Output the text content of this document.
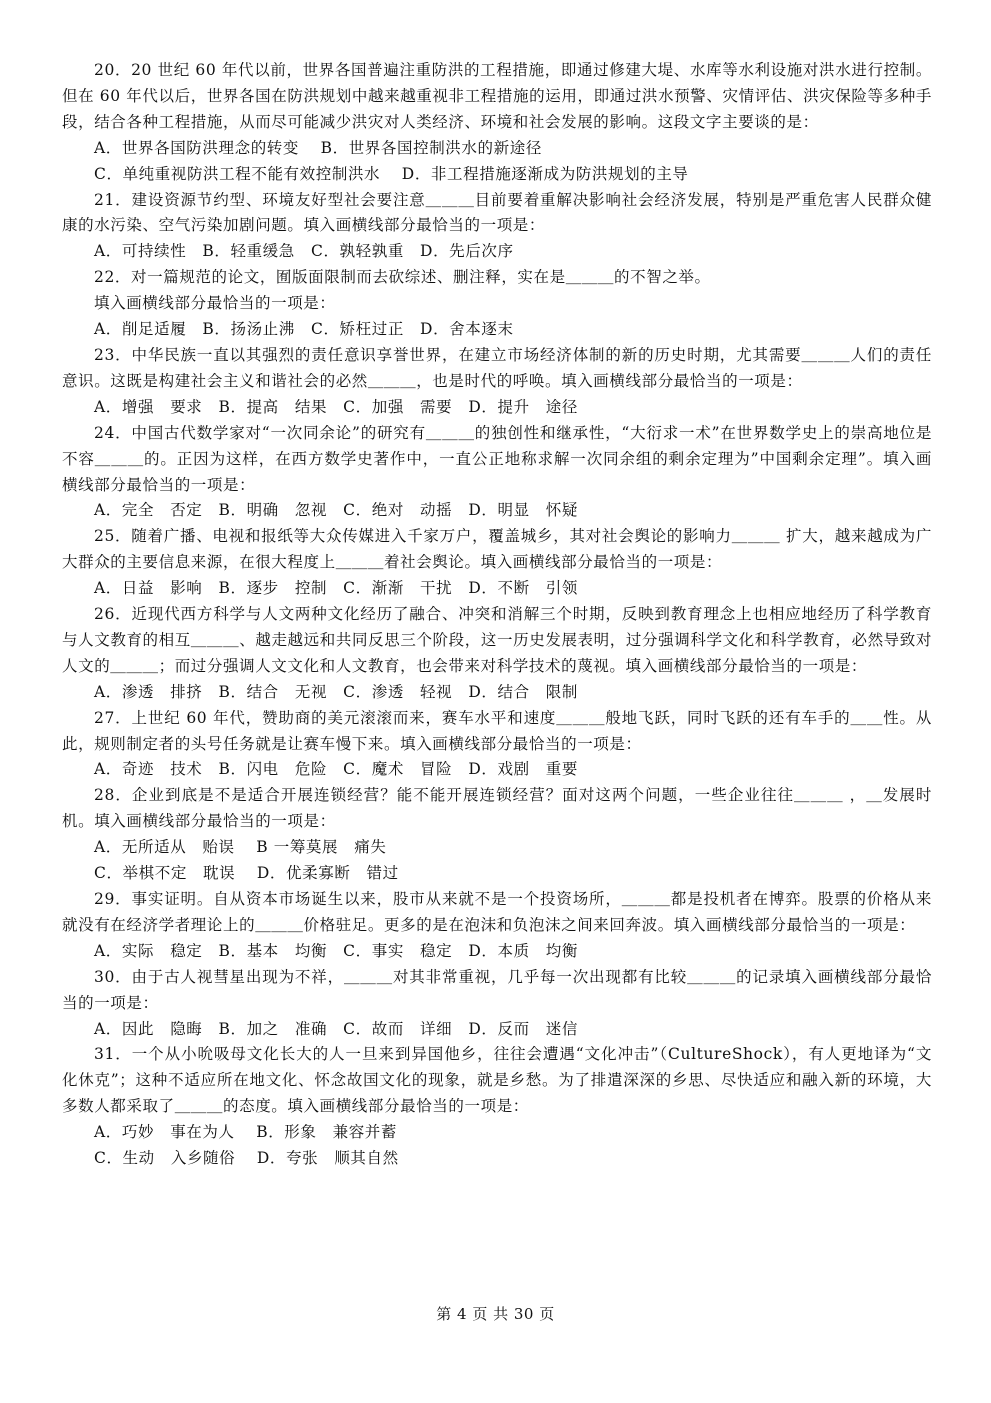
20．20 世纪 60 年代以前，世界各国普遍注重防洪的工程措施，即通过修建大堤、水库等水利设施对洪水进行控制。但在 60 年代以后，世界各国在防洪规划中越来越重视非工程措施的运用，即通过洪水预警、灾情评估、洪灾保险等多种手段，结合各种工程措施，从而尽可能减少洪灾对人类经济、环境和社会发展的影响。这段文字主要谈的是：

A．世界各国防洪理念的转变　 B．世界各国控制洪水的新途径

C．单纯重视防洪工程不能有效控制洪水　 D．非工程措施逐渐成为防洪规划的主导

21．建设资源节约型、环境友好型社会要注意＿＿＿目前要着重解决影响社会经济发展，特别是严重危害人民群众健康的水污染、空气污染加剧问题。填入画横线部分最恰当的一项是：

A．可持续性　B．轻重缓急　C．孰轻孰重　D．先后次序

22．对一篇规范的论文，囿版面限制而去砍综述、删注释，实在是＿＿＿的不智之举。

填入画横线部分最恰当的一项是：

A．削足适履　B．扬汤止沸　C．矫枉过正　D．舍本逐末

23．中华民族一直以其强烈的责任意识享誉世界，在建立市场经济体制的新的历史时期，尤其需要＿＿＿人们的责任意识。这既是构建社会主义和谐社会的必然＿＿＿，也是时代的呼唤。填入画横线部分最恰当的一项是：

A．增强　要求　B．提高　结果　C．加强　需要　D．提升　途径

24．中国古代数学家对“一次同余论”的研究有＿＿＿的独创性和继承性，“大衍求一术”在世界数学史上的崇高地位是不容＿＿＿的。正因为这样，在西方数学史著作中，一直公正地称求解一次同余组的剩余定理为”中国剩余定理”。填入画横线部分最恰当的一项是：

A．完全　否定　B．明确　忽视　C．绝对　动摇　D．明显　怀疑

25．随着广播、电视和报纸等大众传媒进入千家万户，覆盖城乡，其对社会舆论的影响力＿＿＿ 扩大，越来越成为广大群众的主要信息来源，在很大程度上＿＿＿着社会舆论。填入画横线部分最恰当的一项是：

A．日益　影响　B．逐步　控制　C．渐渐　干扰　D．不断　引领

26．近现代西方科学与人文两种文化经历了融合、冲突和消解三个时期，反映到教育理念上也相应地经历了科学教育与人文教育的相互＿＿＿、越走越远和共同反思三个阶段，这一历史发展表明，过分强调科学文化和科学教育，必然导致对人文的＿＿＿；而过分强调人文文化和人文教育，也会带来对科学技术的蔑视。填入画横线部分最恰当的一项是：

A．渗透　排挤　B．结合　无视　C．渗透　轻视　D．结合　限制

27．上世纪 60 年代，赞助商的美元滚滚而来，赛车水平和速度＿＿＿般地飞跃，同时飞跃的还有车手的＿＿性。从此，规则制定者的头号任务就是让赛车慢下来。填入画横线部分最恰当的一项是：

A．奇迹　技术　B．闪电　危险　C．魔术　冒险　D．戏剧　重要

28．企业到底是不是适合开展连锁经营？能不能开展连锁经营？面对这两个问题，一些企业往往＿＿＿ ，＿发展时机。填入画横线部分最恰当的一项是：

A．无所适从　贻误　 B 一筹莫展　痛失

C．举棋不定　耽误　 D．优柔寡断　错过

29．事实证明。自从资本市场诞生以来，股市从来就不是一个投资场所，＿＿＿都是投机者在博弈。股票的价格从来就没有在经济学者理论上的＿＿＿价格驻足。更多的是在泡沫和负泡沫之间来回奔波。填入画横线部分最恰当的一项是：

A．实际　稳定　B．基本　均衡　C．事实　稳定　D．本质　均衡

30．由于古人视彗星出现为不祥，＿＿＿对其非常重视，几乎每一次出现都有比较＿＿＿的记录填入画横线部分最恰当的一项是：

A．因此　隐晦　B．加之　准确　C．故而　详细　D．反而　迷信

31．一个从小吮吸母文化长大的人一旦来到异国他乡，往往会遭遇“文化冲击”（CultureShock），有人更地译为“文化休克”；这种不适应所在地文化、怀念故国文化的现象，就是乡愁。为了排遣深深的乡思、尽快适应和融入新的环境，大多数人都采取了＿＿＿的态度。填入画横线部分最恰当的一项是：

A．巧妙　事在为人　 B．形象　兼容并蓄

C．生动　入乡随俗　 D．夸张　顺其自然

第 4 页 共 30 页
